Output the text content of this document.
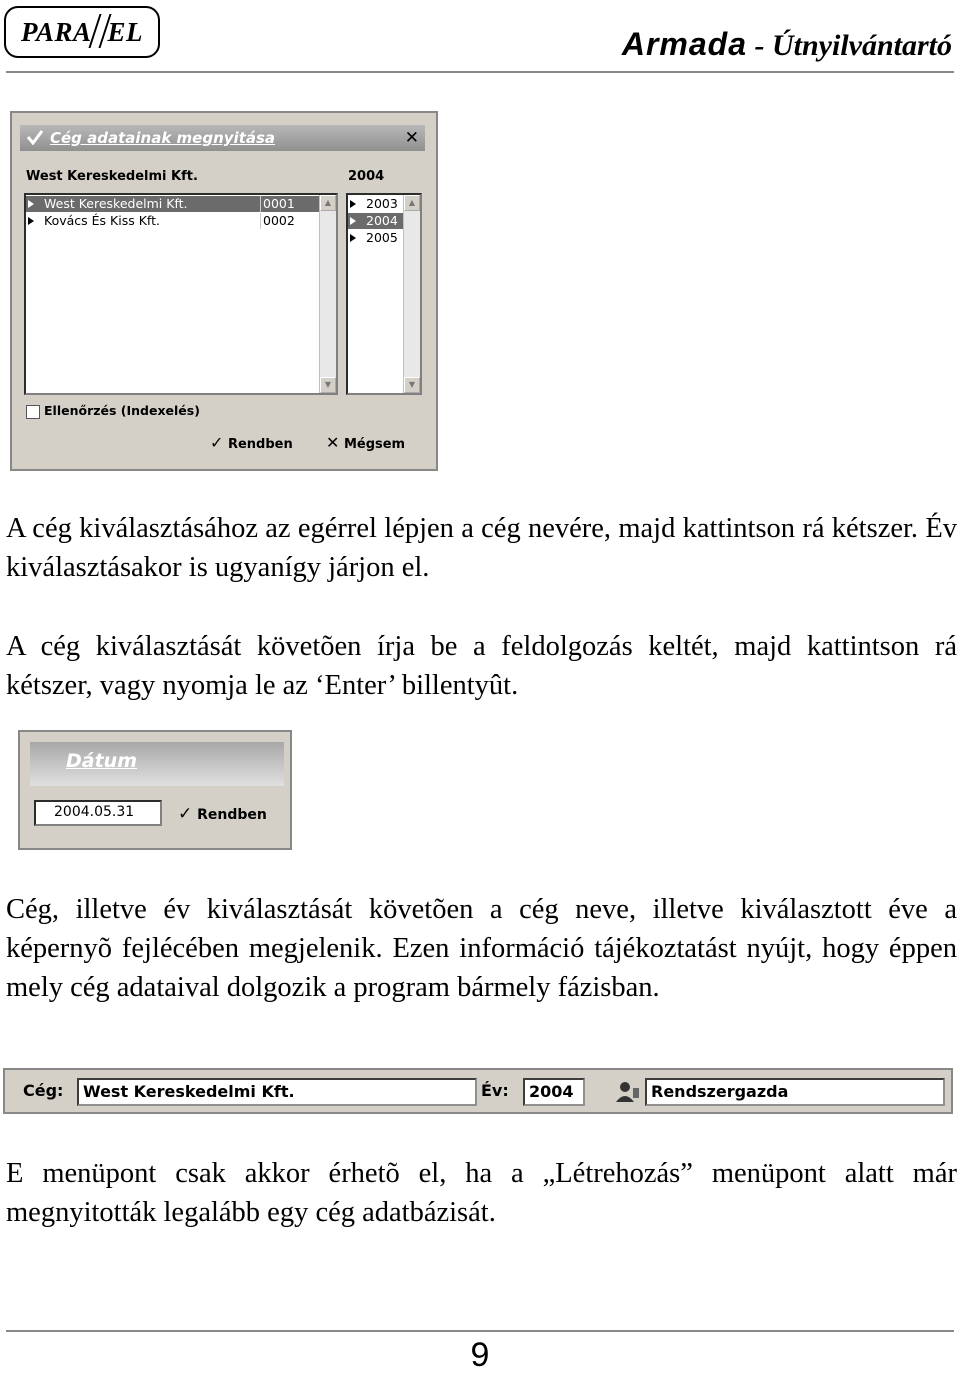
PARA EL	Armada - Útnyilvántartó
Cég adatainak megnyitása	✕
West Kereskedelmi Kft.	2004
West Kereskedelmi Kft.	0001
Kovács És Kiss Kft.	0002
▲
▼
2003
2004
2005
▲
▼
Ellenőrzés (Indexelés)
✓ Rendben ✕ Mégsem
A cég kiválasztásához az egérrel lépjen a cég nevére, majd kattintson rá kétszer. Év kiválasztásakor is ugyanígy járjon el.
A cég kiválasztását követõen írja be a feldolgozás keltét, majd kattintson rá kétszer, vagy nyomja le az ‘Enter’ billentyût.
Dátum
2004.05.31	✓ Rendben
Cég, illetve év kiválasztását követõen a cég neve, illetve kiválasztott éve a képernyõ fejlécében megjelenik. Ezen információ tájékoztatást nyújt, hogy éppen mely cég adataival dolgozik a program bármely fázisban.
Cég:	West Kereskedelmi Kft.	Év:	2004	Rendszergazda
E menüpont csak akkor érhetõ el, ha a „Létrehozás” menüpont alatt már megnyitották legalább egy cég adatbázisát.
9
